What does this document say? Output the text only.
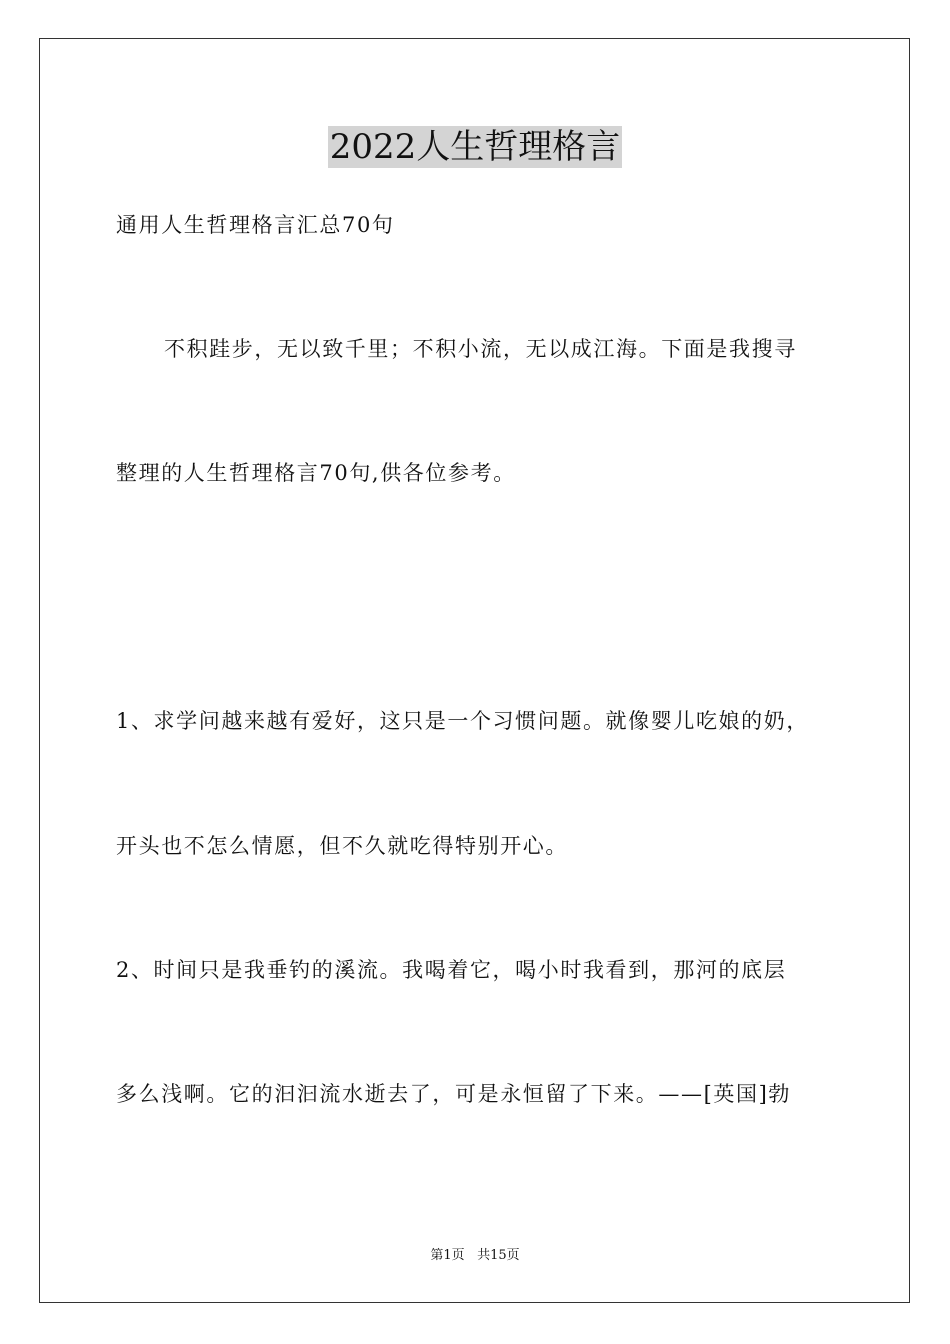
2022人生哲理格言
通用人生哲理格言汇总70句
不积跬步，无以致千里；不积小流，无以成江海。下面是我搜寻
整理的人生哲理格言70句,供各位参考。
1、求学问越来越有爱好，这只是一个习惯问题。就像婴儿吃娘的奶，
开头也不怎么情愿，但不久就吃得特别开心。
2、时间只是我垂钓的溪流。我喝着它，喝小时我看到，那河的底层
多么浅啊。它的汩汩流水逝去了，可是永恒留了下来。——[英国]勃
第1页 共15页
